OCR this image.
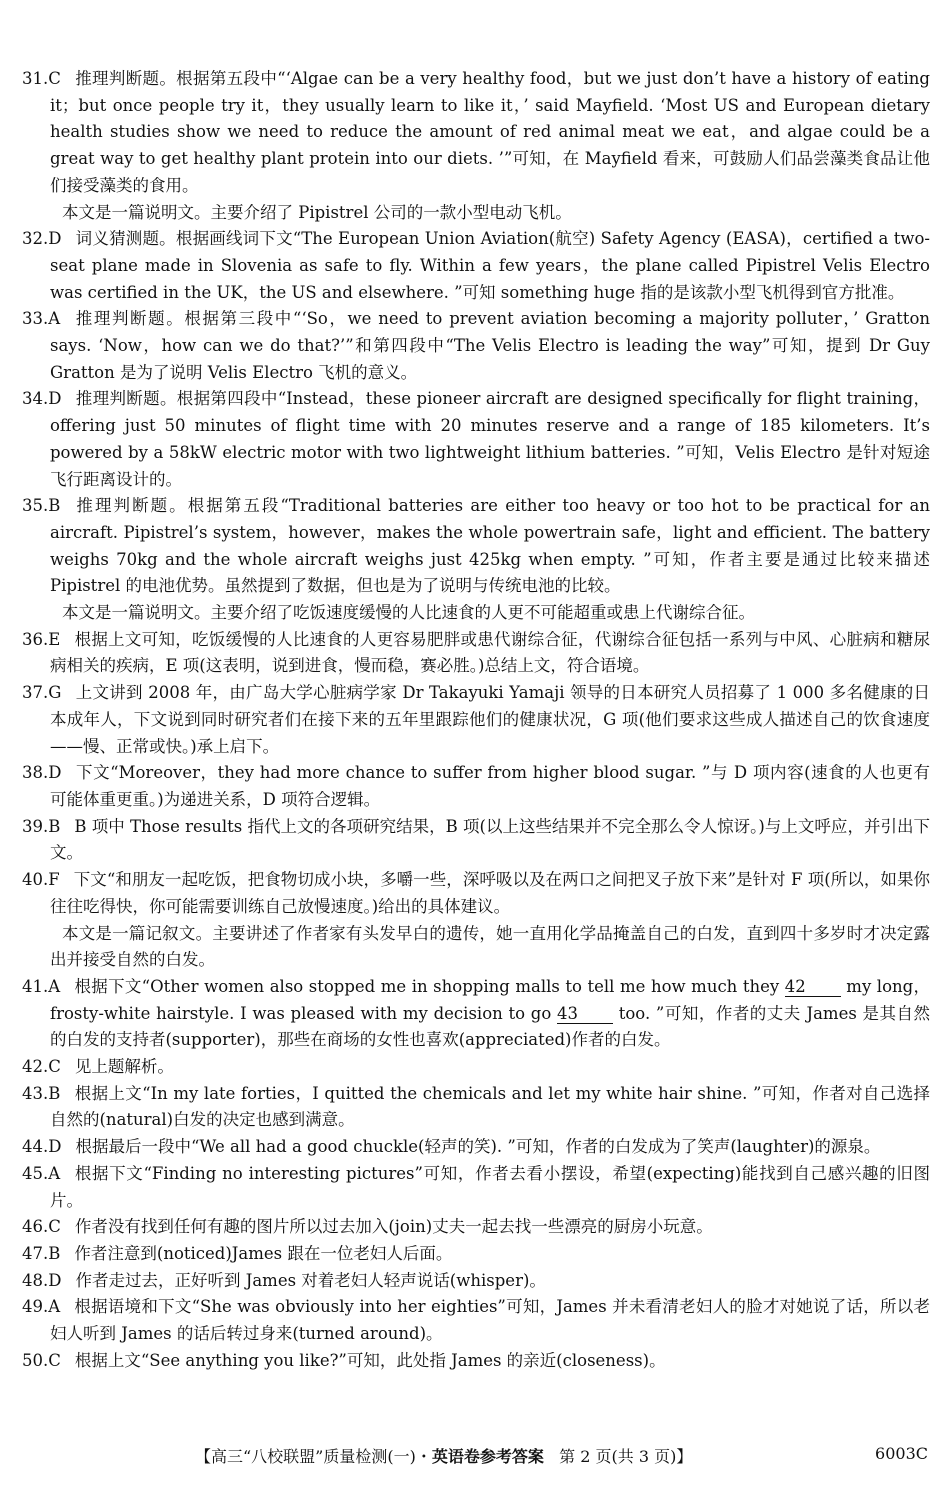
31.C 推理判断题。根据第五段中“‘Algae can be a very healthy food，but we just don’t have a history of eating it；but once people try it，they usually learn to like it，’ said Mayfield. ‘Most US and European dietary health studies show we need to reduce the amount of red animal meat we eat，and algae could be a great way to get healthy plant protein into our diets. ’”可知，在 Mayfield 看来，可鼓励人们品尝藻类食品让他们接受藻类的食用。

本文是一篇说明文。主要介绍了 Pipistrel 公司的一款小型电动飞机。

32.D 词义猜测题。根据画线词下文“The European Union Aviation(航空) Safety Agency (EASA)，certified a two-seat plane made in Slovenia as safe to fly. Within a few years，the plane called Pipistrel Velis Electro was certified in the UK，the US and elsewhere. ”可知 something huge 指的是该款小型飞机得到官方批准。

33.A 推理判断题。根据第三段中“‘So，we need to prevent aviation becoming a majority polluter，’ Gratton says. ‘Now，how can we do that?’”和第四段中“The Velis Electro is leading the way”可知，提到 Dr Guy Gratton 是为了说明 Velis Electro 飞机的意义。

34.D 推理判断题。根据第四段中“Instead，these pioneer aircraft are designed specifically for flight training，offering just 50 minutes of flight time with 20 minutes reserve and a range of 185 kilometers. It’s powered by a 58kW electric motor with two lightweight lithium batteries. ”可知，Velis Electro 是针对短途飞行距离设计的。

35.B 推理判断题。根据第五段“Traditional batteries are either too heavy or too hot to be practical for an aircraft. Pipistrel’s system，however，makes the whole powertrain safe，light and efficient. The battery weighs 70kg and the whole aircraft weighs just 425kg when empty. ”可知，作者主要是通过比较来描述 Pipistrel 的电池优势。虽然提到了数据，但也是为了说明与传统电池的比较。

本文是一篇说明文。主要介绍了吃饭速度缓慢的人比速食的人更不可能超重或患上代谢综合征。

36.E 根据上文可知，吃饭缓慢的人比速食的人更容易肥胖或患代谢综合征，代谢综合征包括一系列与中风、心脏病和糖尿病相关的疾病，E 项(这表明，说到进食，慢而稳，赛必胜。)总结上文，符合语境。

37.G 上文讲到 2008 年，由广岛大学心脏病学家 Dr Takayuki Yamaji 领导的日本研究人员招募了 1 000 多名健康的日本成年人，下文说到同时研究者们在接下来的五年里跟踪他们的健康状况，G 项(他们要求这些成人描述自己的饮食速度——慢、正常或快。)承上启下。

38.D 下文“Moreover，they had more chance to suffer from higher blood sugar. ”与 D 项内容(速食的人也更有可能体重更重。)为递进关系，D 项符合逻辑。

39.B B 项中 Those results 指代上文的各项研究结果，B 项(以上这些结果并不完全那么令人惊讶。)与上文呼应，并引出下文。

40.F 下文“和朋友一起吃饭，把食物切成小块，多嚼一些，深呼吸以及在两口之间把叉子放下来”是针对 F 项(所以，如果你往往吃得快，你可能需要训练自己放慢速度。)给出的具体建议。

本文是一篇记叙文。主要讲述了作者家有头发早白的遗传，她一直用化学品掩盖自己的白发，直到四十多岁时才决定露出并接受自然的白发。

41.A 根据下文“Other women also stopped me in shopping malls to tell me how much they 42 my long，frosty-white hairstyle. I was pleased with my decision to go 43 too. ”可知，作者的丈夫 James 是其自然的白发的支持者(supporter)，那些在商场的女性也喜欢(appreciated)作者的白发。

42.C 见上题解析。

43.B 根据上文“In my late forties，I quitted the chemicals and let my white hair shine. ”可知，作者对自己选择自然的(natural)白发的决定也感到满意。

44.D 根据最后一段中“We all had a good chuckle(轻声的笑). ”可知，作者的白发成为了笑声(laughter)的源泉。

45.A 根据下文“Finding no interesting pictures”可知，作者去看小摆设，希望(expecting)能找到自己感兴趣的旧图片。

46.C 作者没有找到任何有趣的图片所以过去加入(join)丈夫一起去找一些漂亮的厨房小玩意。

47.B 作者注意到(noticed)James 跟在一位老妇人后面。

48.D 作者走过去，正好听到 James 对着老妇人轻声说话(whisper)。

49.A 根据语境和下文“She was obviously into her eighties”可知，James 并未看清老妇人的脸才对她说了话，所以老妇人听到 James 的话后转过身来(turned around)。

50.C 根据上文“See anything you like?”可知，此处指 James 的亲近(closeness)。

【高三“八校联盟”质量检测(一)・英语卷参考答案 第 2 页(共 3 页)】	6003C
